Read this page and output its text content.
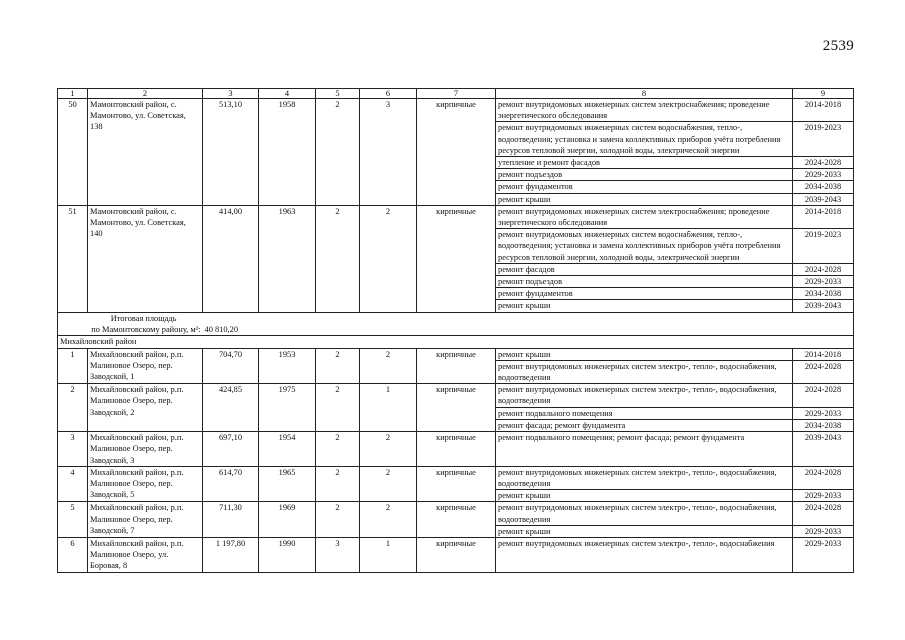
2539
1	2	3	4	5	6	7	8	9
50	Мамонтовский район, с. Мамонтово, ул. Советская, 138	513,10	1958	2	3	кирпичные	ремонт внутридомовых инженерных систем электроснабжения; проведение энергетического обследования	2014-2018
							ремонт внутридомовых инженерных систем водоснабжения, тепло-, водоотведения; установка и замена коллективных приборов учёта потребления ресурсов тепловой энергии, холодной воды, электрической энергии	2019-2023
							утепление и ремонт фасадов	2024-2028
							ремонт подъездов	2029-2033
							ремонт фундаментов	2034-2038
							ремонт крыши	2039-2043
51	Мамонтовский район, с. Мамонтово, ул. Советская, 140	414,00	1963	2	2	кирпичные	ремонт внутридомовых инженерных систем электроснабжения; проведение энергетического обследования	2014-2018
							ремонт внутридомовых инженерных систем водоснабжения, тепло-, водоотведения; установка и замена коллективных приборов учёта потребления ресурсов тепловой энергии, холодной воды, электрической энергии	2019-2023
							ремонт фасадов	2024-2028
							ремонт подъездов	2029-2033
							ремонт фундаментов	2034-2038
							ремонт крыши	2039-2043

Итоговая площадь
по Мамонтовскому району, м²:		40 810,20						

Михайловский район								
1	Михайловский район, р.п. Малиновое Озеро, пер. Заводской, 1	704,70	1953	2	2	кирпичные	ремонт крыши	2014-2018
							ремонт внутридомовых инженерных систем электро-, тепло-, водоснабжения, водоотведения	2024-2028
2	Михайловский район, р.п. Малиновое Озеро, пер. Заводской, 2	424,85	1975	2	1	кирпичные	ремонт внутридомовых инженерных систем электро-, тепло-, водоснабжения, водоотведения	2024-2028
							ремонт подвального помещения	2029-2033
							ремонт фасада; ремонт фундамента	2034-2038
3	Михайловский район, р.п. Малиновое Озеро, пер. Заводской, 3	697,10	1954	2	2	кирпичные	ремонт подвального помещения; ремонт фасада; ремонт фундамента	2039-2043
4	Михайловский район, р.п. Малиновое Озеро, пер. Заводской, 5	614,70	1965	2	2	кирпичные	ремонт внутридомовых инженерных систем электро-, тепло-, водоснабжения, водоотведения	2024-2028
							ремонт крыши	2029-2033
5	Михайловский район, р.п. Малиновое Озеро, пер. Заводской, 7	711,30	1969	2	2	кирпичные	ремонт внутридомовых инженерных систем электро-, тепло-, водоснабжения, водоотведения	2024-2028
							ремонт крыши	2029-2033
6	Михайловский район, р.п. Малиновое Озеро, ул. Боровая, 8	1 197,80	1990	3	1	кирпичные	ремонт внутридомовых инженерных систем электро-, тепло-, водоснабжения	2029-2033
